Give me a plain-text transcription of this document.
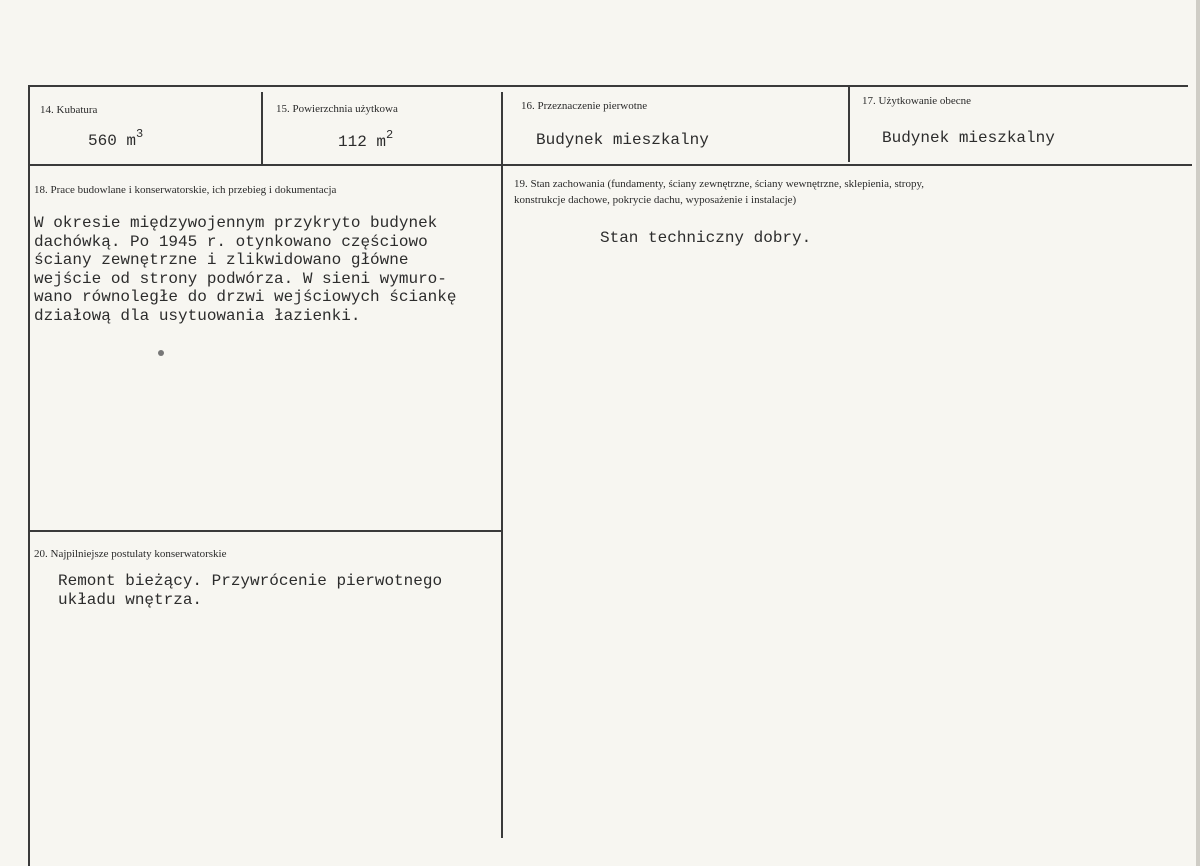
14. Kubatura
560 $m^3$
15. Powierzchnia użytkowa
112 $m^2$
16. Przeznaczenie pierwotne
Budynek mieszkalny
17. Użytkowanie obecne
Budynek mieszkalny
18. Prace budowlane i konserwatorskie, ich przebieg i dokumentacja
W okresie międzywojennym przykryto budynek
dachówką. Po 1945 r. otynkowano częściowo
ściany zewnętrzne i zlikwidowano główne
wejście od strony podwórza. W sieni wymuro-
wano równoległe do drzwi wejściowych ściankę
działową dla usytuowania łazienki.
19. Stan zachowania (fundamenty, ściany zewnętrzne, ściany wewnętrzne, sklepienia, stropy,
konstrukcje dachowe, pokrycie dachu, wyposażenie i instalacje)
Stan techniczny dobry.
20. Najpilniejsze postulaty konserwatorskie
Remont bieżący. Przywrócenie pierwotnego
układu wnętrza.
